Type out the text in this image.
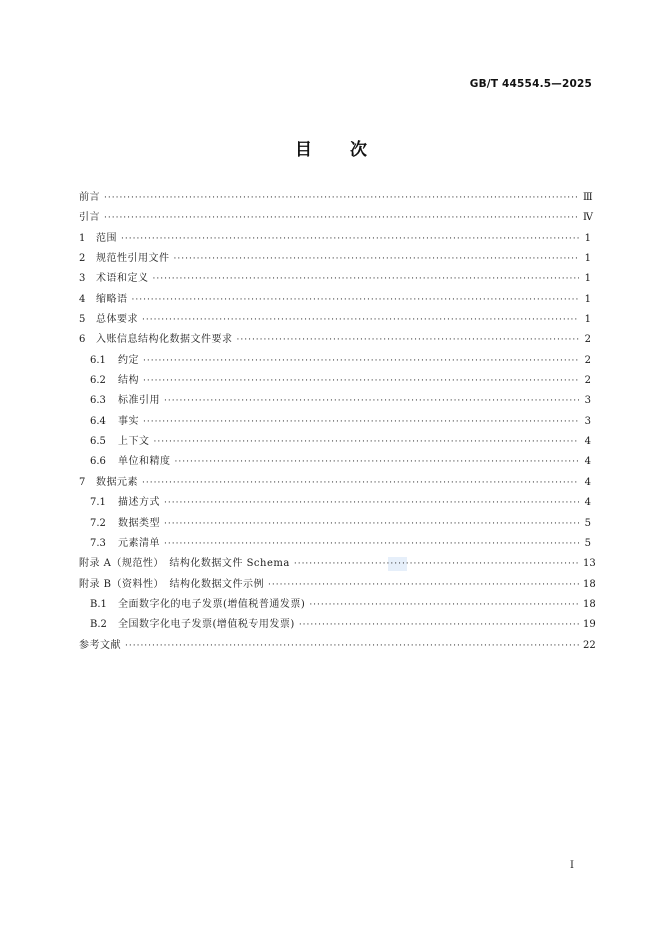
GB/T 44554.5—2025
目 次
前言 ·····	Ⅲ
引言 ·····	Ⅳ
1	范围 ·····	1
2	规范性引用文件 ·····	1
3	术语和定义 ·····	1
4	缩略语 ·····	1
5	总体要求 ·····	1
6	入账信息结构化数据文件要求 ·····	2
6.1	约定 ·····	2
6.2	结构 ·····	2
6.3	标准引用 ·····	3
6.4	事实 ·····	3
6.5	上下文 ·····	4
6.6	单位和精度 ·····	4
7	数据元素 ·····	4
7.1	描述方式 ·····	4
7.2	数据类型 ·····	5
7.3	元素清单 ·····	5
附录 A（规范性）　结构化数据文件 Schema ·····	13
附录 B（资料性）　结构化数据文件示例 ·····	18
B.1	全面数字化的电子发票(增值税普通发票) ·····	18
B.2	全国数字化电子发票(增值税专用发票) ·····	19
参考文献 ·····	22
Ⅰ
